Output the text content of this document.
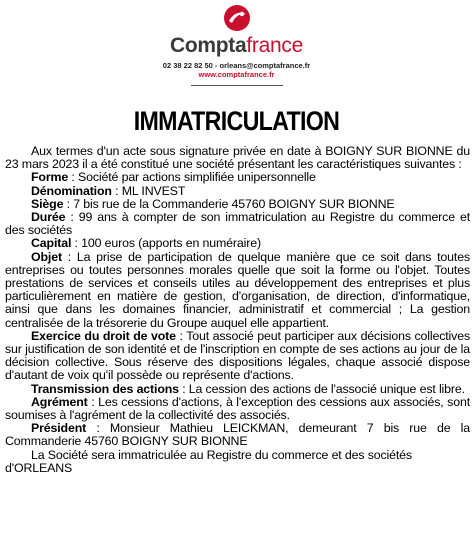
Comptafrance
02 38 22 82 50 - orleans@comptafrance.fr
www.comptafrance.fr
IMMATRICULATION

Aux termes d'un acte sous signature privée en date à BOIGNY SUR BIONNE du 23 mars 2023 il a été constitué une société présentant les caractéristiques suivantes :

Forme : Société par actions simplifiée unipersonnelle

Dénomination : ML INVEST

Siège : 7 bis rue de la Commanderie 45760 BOIGNY SUR BIONNE

Durée : 99 ans à compter de son immatriculation au Registre du commerce et des sociétés

Capital : 100 euros (apports en numéraire)

Objet : La prise de participation de quelque manière que ce soit dans toutes entreprises ou toutes personnes morales quelle que soit la forme ou l'objet. Toutes prestations de services et conseils utiles au développement des entreprises et plus particulièrement en matière de gestion, d'organisation, de direction, d'informatique, ainsi que dans les domaines financier, administratif et commercial ; La gestion centralisée de la trésorerie du Groupe auquel elle appartient.

Exercice du droit de vote : Tout associé peut participer aux décisions collectives sur justification de son identité et de l'inscription en compte de ses actions au jour de la décision collective. Sous réserve des dispositions légales, chaque associé dispose d'autant de voix qu'il possède ou représente d'actions.

Transmission des actions : La cession des actions de l'associé unique est libre.

Agrément : Les cessions d'actions, à l'exception des cessions aux associés, sont soumises à l'agrément de la collectivité des associés.

Président : Monsieur Mathieu LEICKMAN, demeurant 7 bis rue de la Commanderie 45760 BOIGNY SUR BIONNE

La Société sera immatriculée au Registre du commerce et des sociétés d'ORLEANS
